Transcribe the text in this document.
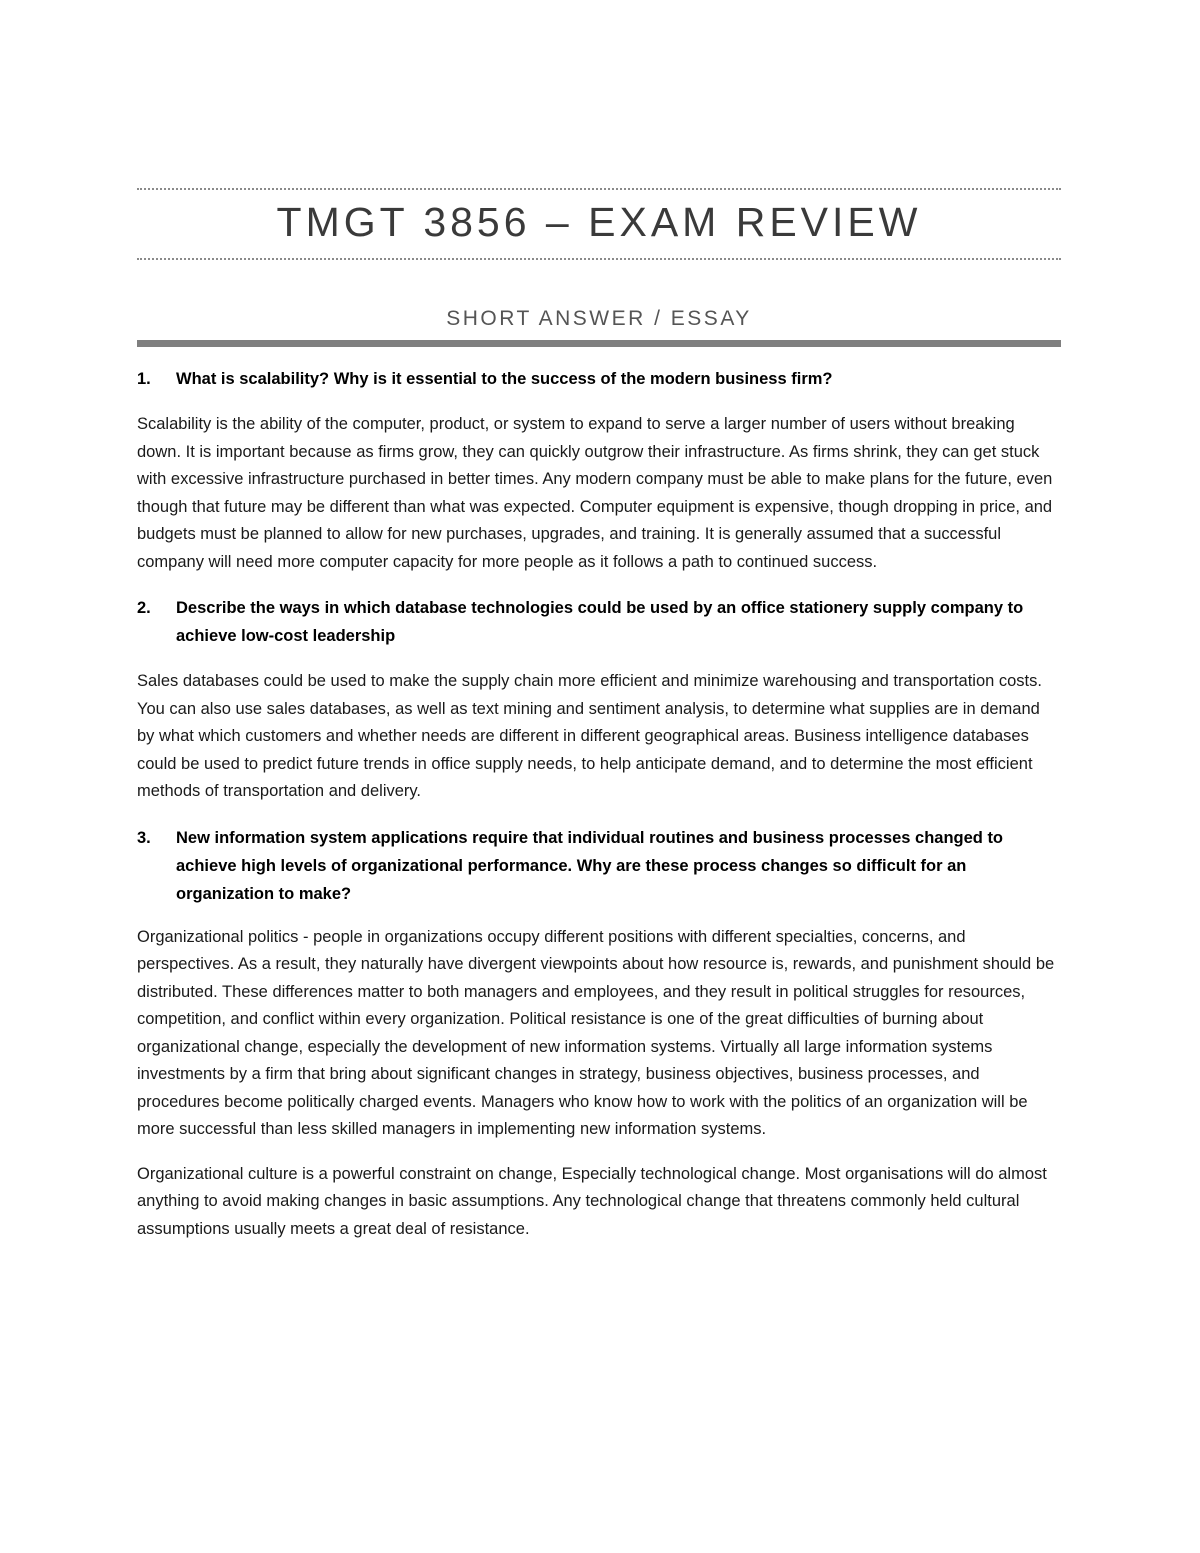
TMGT 3856 – EXAM REVIEW
SHORT ANSWER / ESSAY
1.	What is scalability? Why is it essential to the success of the modern business firm?

Scalability is the ability of the computer, product, or system to expand to serve a larger number of users without breaking down. It is important because as firms grow, they can quickly outgrow their infrastructure. As firms shrink, they can get stuck with excessive infrastructure purchased in better times. Any modern company must be able to make plans for the future, even though that future may be different than what was expected. Computer equipment is expensive, though dropping in price, and budgets must be planned to allow for new purchases, upgrades, and training. It is generally assumed that a successful company will need more computer capacity for more people as it follows a path to continued success.

2.	Describe the ways in which database technologies could be used by an office stationery supply company to achieve low-cost leadership

Sales databases could be used to make the supply chain more efficient and minimize warehousing and transportation costs. You can also use sales databases, as well as text mining and sentiment analysis, to determine what supplies are in demand by what which customers and whether needs are different in different geographical areas. Business intelligence databases could be used to predict future trends in office supply needs, to help anticipate demand, and to determine the most efficient methods of transportation and delivery.

3.	New information system applications require that individual routines and business processes changed to achieve high levels of organizational performance. Why are these process changes so difficult for an organization to make?

Organizational politics - people in organizations occupy different positions with different specialties, concerns, and perspectives. As a result, they naturally have divergent viewpoints about how resource is, rewards, and punishment should be distributed. These differences matter to both managers and employees, and they result in political struggles for resources, competition, and conflict within every organization. Political resistance is one of the great difficulties of burning about organizational change, especially the development of new information systems. Virtually all large information systems investments by a firm that bring about significant changes in strategy, business objectives, business processes, and procedures become politically charged events. Managers who know how to work with the politics of an organization will be more successful than less skilled managers in implementing new information systems.

Organizational culture is a powerful constraint on change, Especially technological change. Most organisations will do almost anything to avoid making changes in basic assumptions. Any technological change that threatens commonly held cultural assumptions usually meets a great deal of resistance.
